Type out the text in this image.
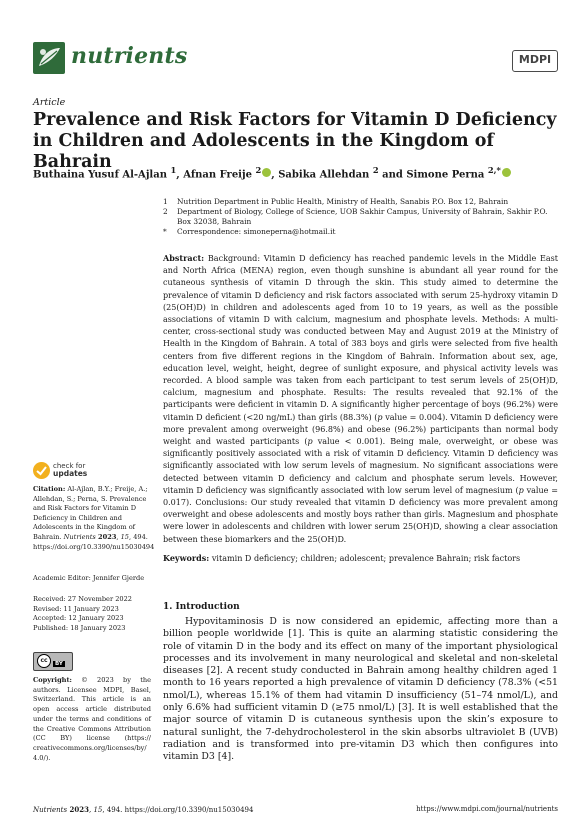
nutrients	MDPI
Article
Prevalence and Risk Factors for Vitamin D Deficiency in Children and Adolescents in the Kingdom of Bahrain
Buthaina Yusuf Al-Ajlan $^1$, Afnan Freije $^2$ , Sabika Allehdan $^2$ and Simone Perna $^{2,*}$
1	Nutrition Department in Public Health, Ministry of Health, Sanabis P.O. Box 12, Bahrain
2	Department of Biology, College of Science, UOB Sakhir Campus, University of Bahrain, Sakhir P.O. Box 32038, Bahrain
*	Correspondence: simoneperna@hotmail.it
Abstract: Background: Vitamin D deficiency has reached pandemic levels in the Middle East and North Africa (MENA) region, even though sunshine is abundant all year round for the cutaneous synthesis of vitamin D through the skin. This study aimed to determine the prevalence of vitamin D deficiency and risk factors associated with serum 25-hydroxy vitamin D (25(OH)D) in children and adolescents aged from 10 to 19 years, as well as the possible associations of vitamin D with calcium, magnesium and phosphate levels. Methods: A multi-center, cross-sectional study was conducted between May and August 2019 at the Ministry of Health in the Kingdom of Bahrain. A total of 383 boys and girls were selected from five health centers from five different regions in the Kingdom of Bahrain. Information about sex, age, education level, weight, height, degree of sunlight exposure, and physical activity levels was recorded. A blood sample was taken from each participant to test serum levels of 25(OH)D, calcium, magnesium and phosphate. Results: The results revealed that 92.1% of the participants were deficient in vitamin D. A significantly higher percentage of boys (96.2%) were vitamin D deficient (<20 ng/mL) than girls (88.3%) (p value = 0.004). Vitamin D deficiency were more prevalent among overweight (96.8%) and obese (96.2%) participants than normal body weight and wasted participants (p value < 0.001). Being male, overweight, or obese was significantly positively associated with a risk of vitamin D deficiency. Vitamin D deficiency was significantly associated with low serum levels of magnesium. No significant associations were detected between vitamin D deficiency and calcium and phosphate serum levels. However, vitamin D deficiency was significantly associated with low serum level of magnesium (p value = 0.017). Conclusions: Our study revealed that vitamin D deficiency was more prevalent among overweight and obese adolescents and mostly boys rather than girls. Magnesium and phosphate were lower in adolescents and children with lower serum 25(OH)D, showing a clear association between these biomarkers and the 25(OH)D.
Keywords: vitamin D deficiency; children; adolescent; prevalence Bahrain; risk factors
check for
updates
Citation: Al-Ajlan, B.Y.; Freije, A.; Allehdan, S.; Perna, S. Prevalence and Risk Factors for Vitamin D Deficiency in Children and Adolescents in the Kingdom of Bahrain. Nutrients 2023, 15, 494. https://doi.org/10.3390/nu15030494
Academic Editor: Jennifer Gjerde
Received: 27 November 2022
Revised: 11 January 2023
Accepted: 12 January 2023
Published: 18 January 2023
cc	BY
Copyright: © 2023 by the authors. Licensee MDPI, Basel, Switzerland. This article is an open access article distributed under the terms and conditions of the Creative Commons Attribution (CC BY) license (https:// creativecommons.org/licenses/by/ 4.0/).
1. Introduction
Hypovitaminosis D is now considered an epidemic, affecting more than a billion people worldwide [1]. This is quite an alarming statistic considering the role of vitamin D in the body and its effect on many of the important physiological processes and its involvement in many neurological and skeletal and non-skeletal diseases [2]. A recent study conducted in Bahrain among healthy children aged 1 month to 16 years reported a high prevalence of vitamin D deficiency (78.3% (<51 nmol/L), whereas 15.1% of them had vitamin D insufficiency (51–74 nmol/L), and only 6.6% had sufficient vitamin D (≥75 nmol/L) [3]. It is well established that the major source of vitamin D is cutaneous synthesis upon the skin’s exposure to natural sunlight, the 7-dehydrocholesterol in the skin absorbs ultraviolet B (UVB) radiation and is transformed into pre-vitamin D3 which then configures into vitamin D3 [4].
Nutrients 2023, 15, 494. https://doi.org/10.3390/nu15030494	https://www.mdpi.com/journal/nutrients
